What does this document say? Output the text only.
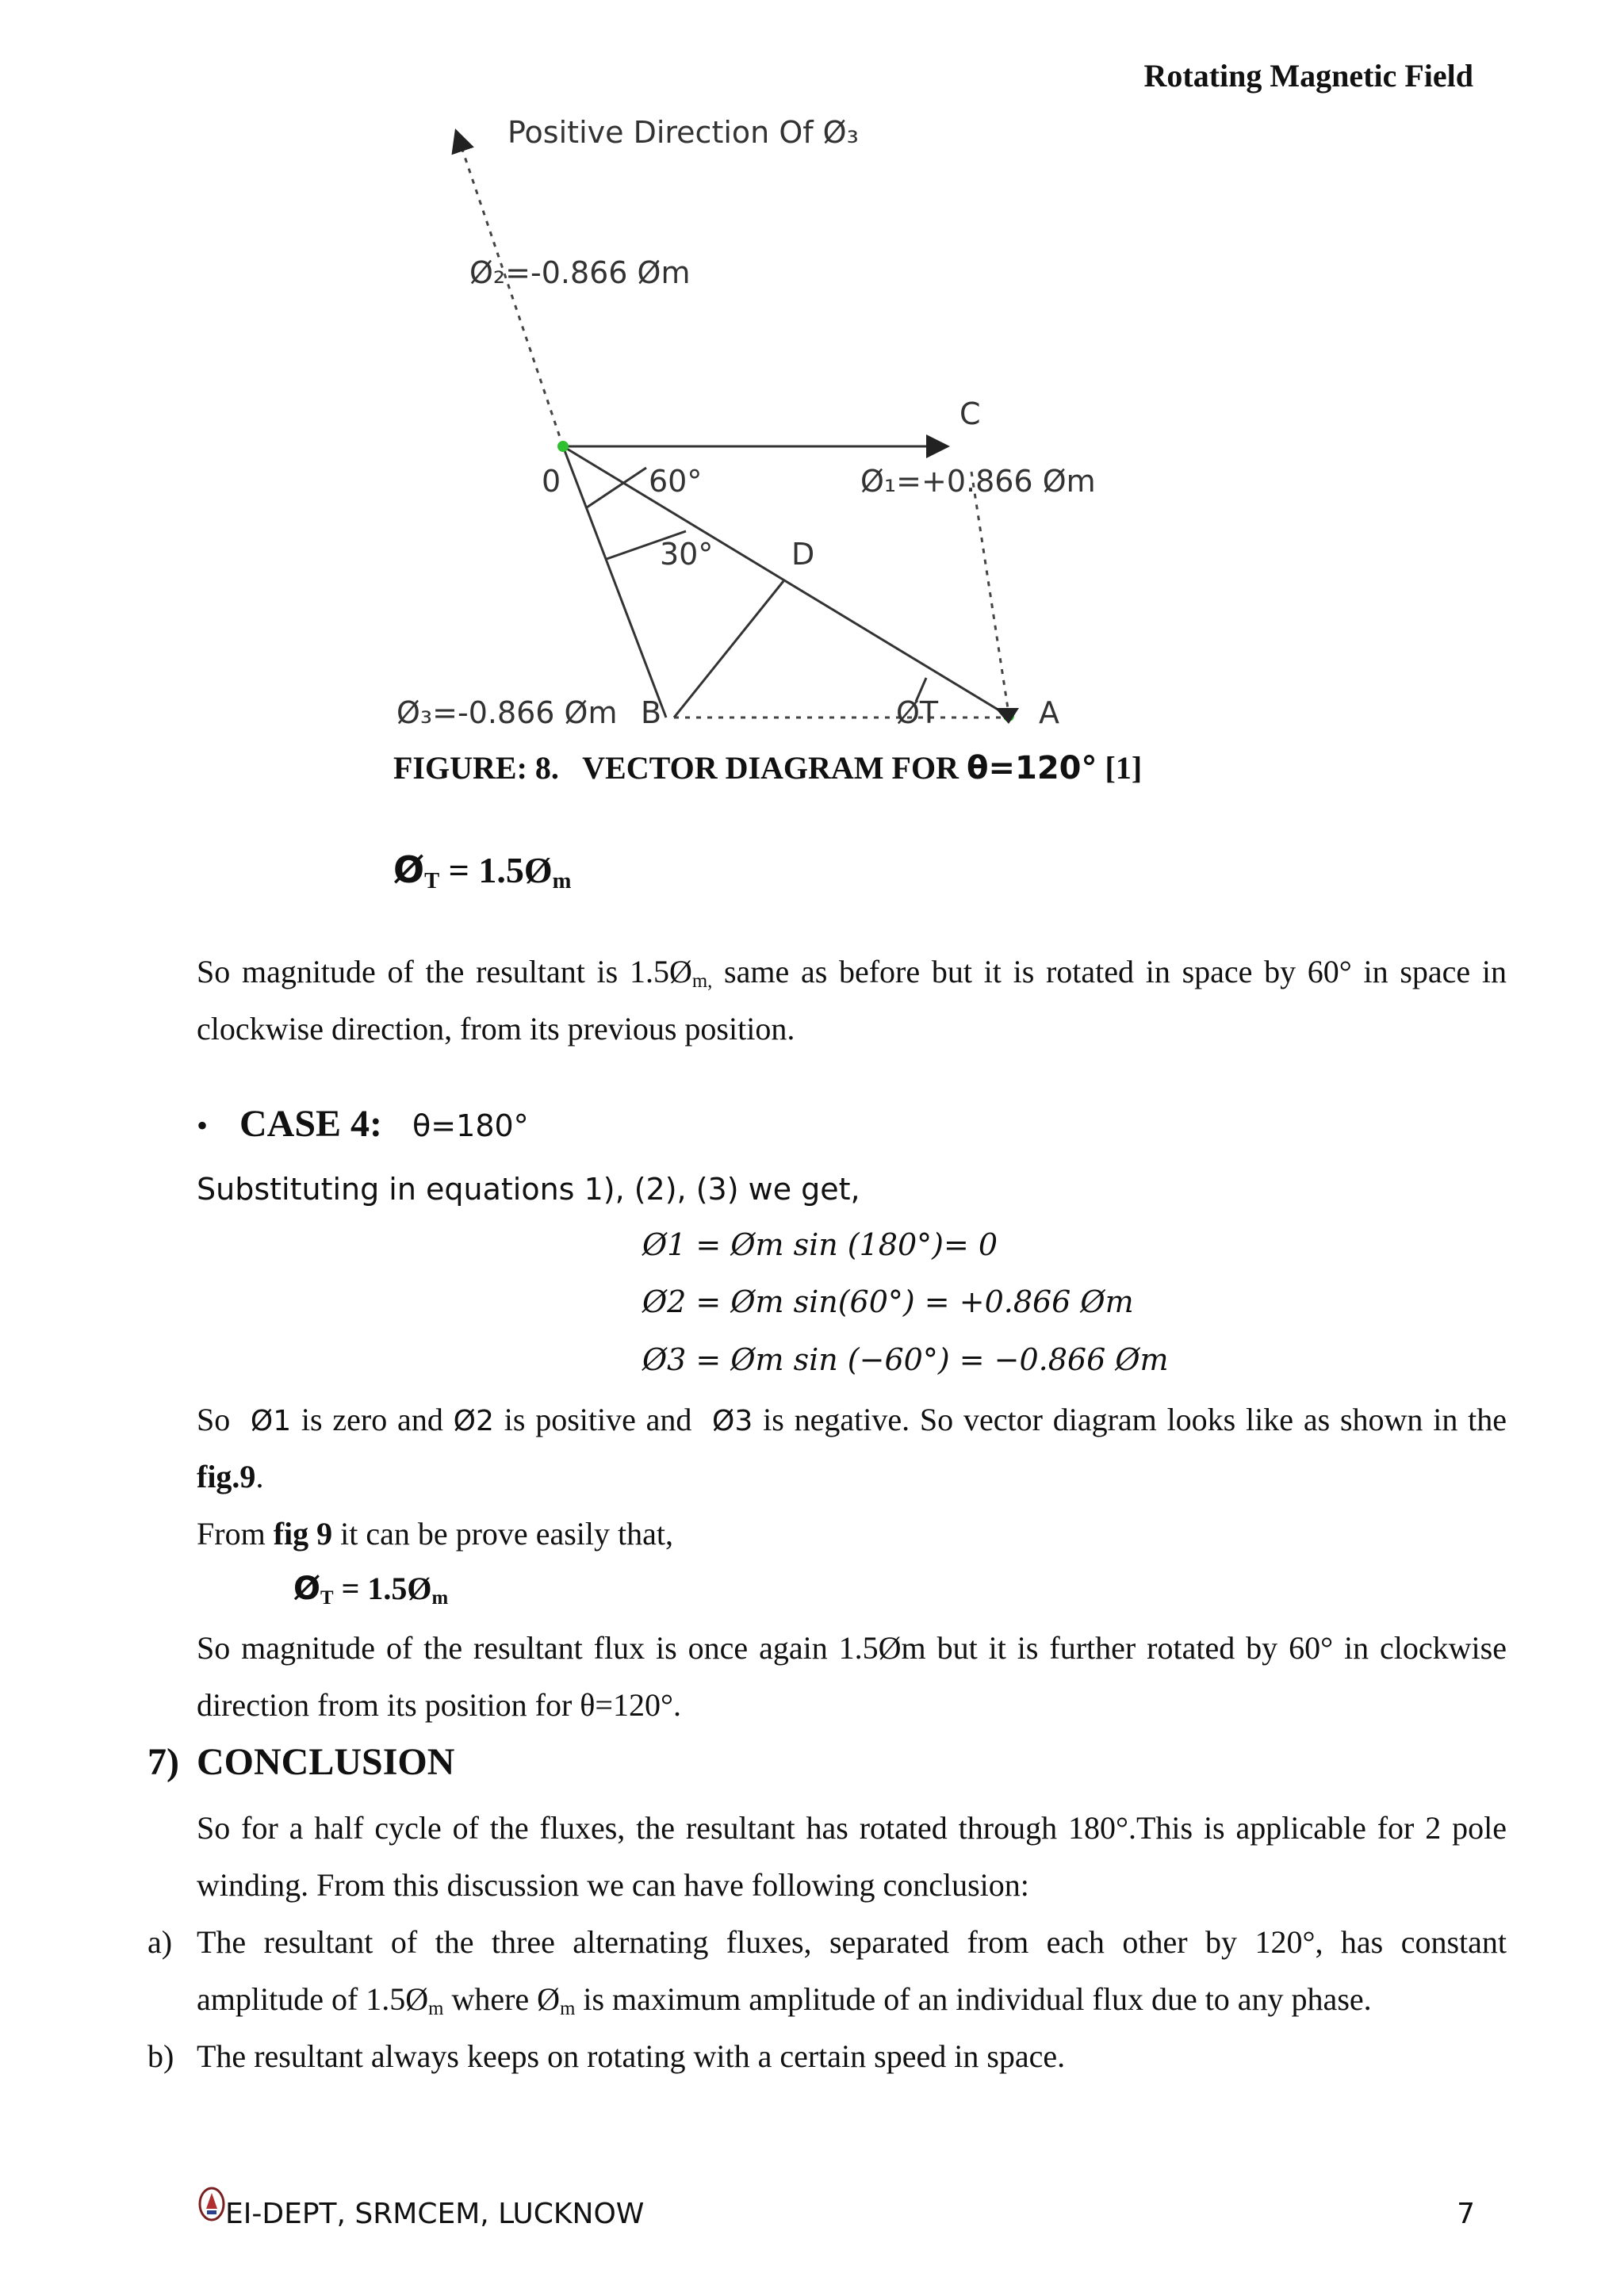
Rotating Magnetic Field
Positive Direction Of Ø₃
Ø₂=-0.866 Øm
C
0	60°	Ø₁=+0.866 Øm
30°	D
Ø₃=-0.866 Øm B	ØT	A
FIGURE: 8.   VECTOR DIAGRAM FOR θ=120° [1]
$Ø_T$ = $1.5Ø_m$
So magnitude of the resultant is $1.5Ø_{m,}$ same as before but it is rotated in space by 60° in space in
clockwise direction, from its previous position.
• CASE 4: θ=180°
Substituting in equations 1), (2), (3) we get,
Ø1 = Øm sin (180°)= 0
Ø2 = Øm sin(60°) = +0.866 Øm
Ø3 = Øm sin (−60°) = −0.866 Øm
So  Ø1 is zero and Ø2 is positive and  Ø3 is negative. So vector diagram looks like as shown in the
fig.9.
From fig 9 it can be prove easily that,
$Ø_T$ = $1.5Ø_m$
So magnitude of the resultant flux is once again 1.5Øm but it is further rotated by 60° in clockwise
direction from its position for θ=120°.
7) CONCLUSION
So for a half cycle of the fluxes, the resultant has rotated through 180°.This is applicable for 2 pole
winding. From this discussion we can have following conclusion:
a) The resultant of the three alternating fluxes, separated from each other by 120°, has constant
amplitude of $1.5Ø_m$ where $Ø_m$ is maximum amplitude of an individual flux due to any phase.
b) The resultant always keeps on rotating with a certain speed in space.
EI-DEPT, SRMCEM, LUCKNOW	7
